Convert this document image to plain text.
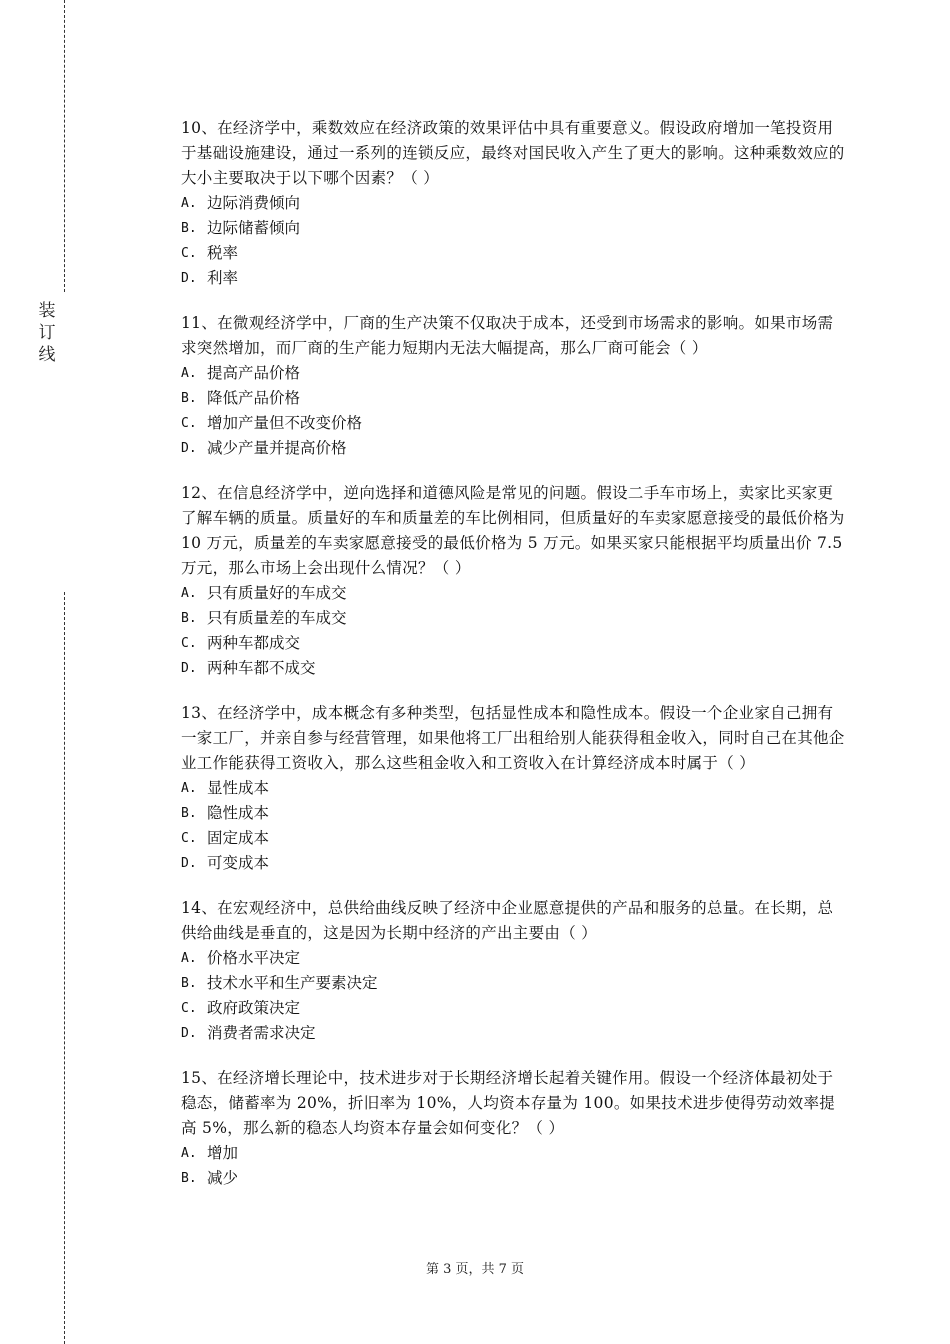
装
订
线

10、在经济学中，乘数效应在经济政策的效果评估中具有重要意义。假设政府增加一笔投资用于基础设施建设，通过一系列的连锁反应，最终对国民收入产生了更大的影响。这种乘数效应的大小主要取决于以下哪个因素？（ ）

A. 边际消费倾向
B. 边际储蓄倾向
C. 税率
D. 利率

11、在微观经济学中，厂商的生产决策不仅取决于成本，还受到市场需求的影响。如果市场需求突然增加，而厂商的生产能力短期内无法大幅提高，那么厂商可能会（ ）

A. 提高产品价格
B. 降低产品价格
C. 增加产量但不改变价格
D. 减少产量并提高价格

12、在信息经济学中，逆向选择和道德风险是常见的问题。假设二手车市场上，卖家比买家更了解车辆的质量。质量好的车和质量差的车比例相同，但质量好的车卖家愿意接受的最低价格为 10 万元，质量差的车卖家愿意接受的最低价格为 5 万元。如果买家只能根据平均质量出价 7.5 万元，那么市场上会出现什么情况？（ ）

A. 只有质量好的车成交
B. 只有质量差的车成交
C. 两种车都成交
D. 两种车都不成交

13、在经济学中，成本概念有多种类型，包括显性成本和隐性成本。假设一个企业家自己拥有一家工厂，并亲自参与经营管理，如果他将工厂出租给别人能获得租金收入，同时自己在其他企业工作能获得工资收入，那么这些租金收入和工资收入在计算经济成本时属于（ ）

A. 显性成本
B. 隐性成本
C. 固定成本
D. 可变成本

14、在宏观经济中，总供给曲线反映了经济中企业愿意提供的产品和服务的总量。在长期，总供给曲线是垂直的，这是因为长期中经济的产出主要由（ ）

A. 价格水平决定
B. 技术水平和生产要素决定
C. 政府政策决定
D. 消费者需求决定

15、在经济增长理论中，技术进步对于长期经济增长起着关键作用。假设一个经济体最初处于稳态，储蓄率为 20%，折旧率为 10%，人均资本存量为 100。如果技术进步使得劳动效率提高 5%，那么新的稳态人均资本存量会如何变化？（ ）

A. 增加
B. 减少
第 3 页，共 7 页
